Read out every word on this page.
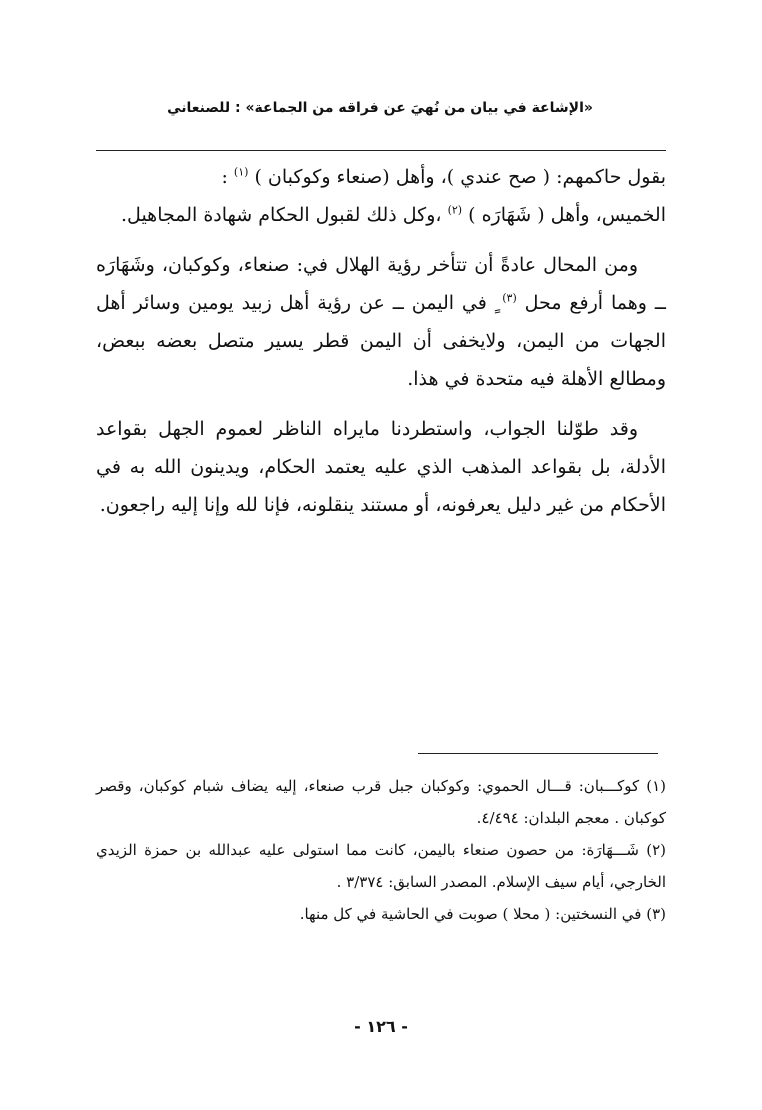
«الإشاعة في بيان من نُهيَ عن فراقه من الجماعة» : للصنعاني

بقول حاكمهم: ( صح عندي )، وأهل (صنعاء وكوكبان ) $^{(١)}$ :
الخميس، وأهل ( شَهَارَه ) $^{(٢)}$ ،وكل ذلك لقبول الحكام شهادة المجاهيل.

ومن المحال عادةً أن تتأخر رؤية الهلال في: صنعاء، وكوكبان، وشَهَارَه ــ وهما أرفع محل $^{(٣)}$ ٍ في اليمن ــ عن رؤية أهل زبيد يومين وسائر أهل الجهات من اليمن، ولايخفى أن اليمن قطر يسير متصل بعضه ببعض، ومطالع الأهلة فيه متحدة في هذا.

وقد طوّلنا الجواب، واستطردنا مايراه الناظر لعموم الجهل بقواعد الأدلة، بل بقواعد المذهب الذي عليه يعتمد الحكام، ويدينون الله به في الأحكام من غير دليل يعرفونه، أو مستند ينقلونه، فإنا لله وإنا إليه راجعون.

(١) كوكـــبان: قـــال الحموي: وكوكبان جبل قرب صنعاء، إليه يضاف شبام كوكبان، وقصر كوكبان . معجم البلدان: ٤/٤٩٤.

(٢) شَـــهَارَة: من حصون صنعاء باليمن، كانت مما استولى عليه عبدالله بن حمزة الزيدي الخارجي، أيام سيف الإسلام. المصدر السابق: ٣/٣٧٤ .

(٣) في النسختين: ( محلا ) صوبت في الحاشية في كل منها.

- ١٢٦ -
